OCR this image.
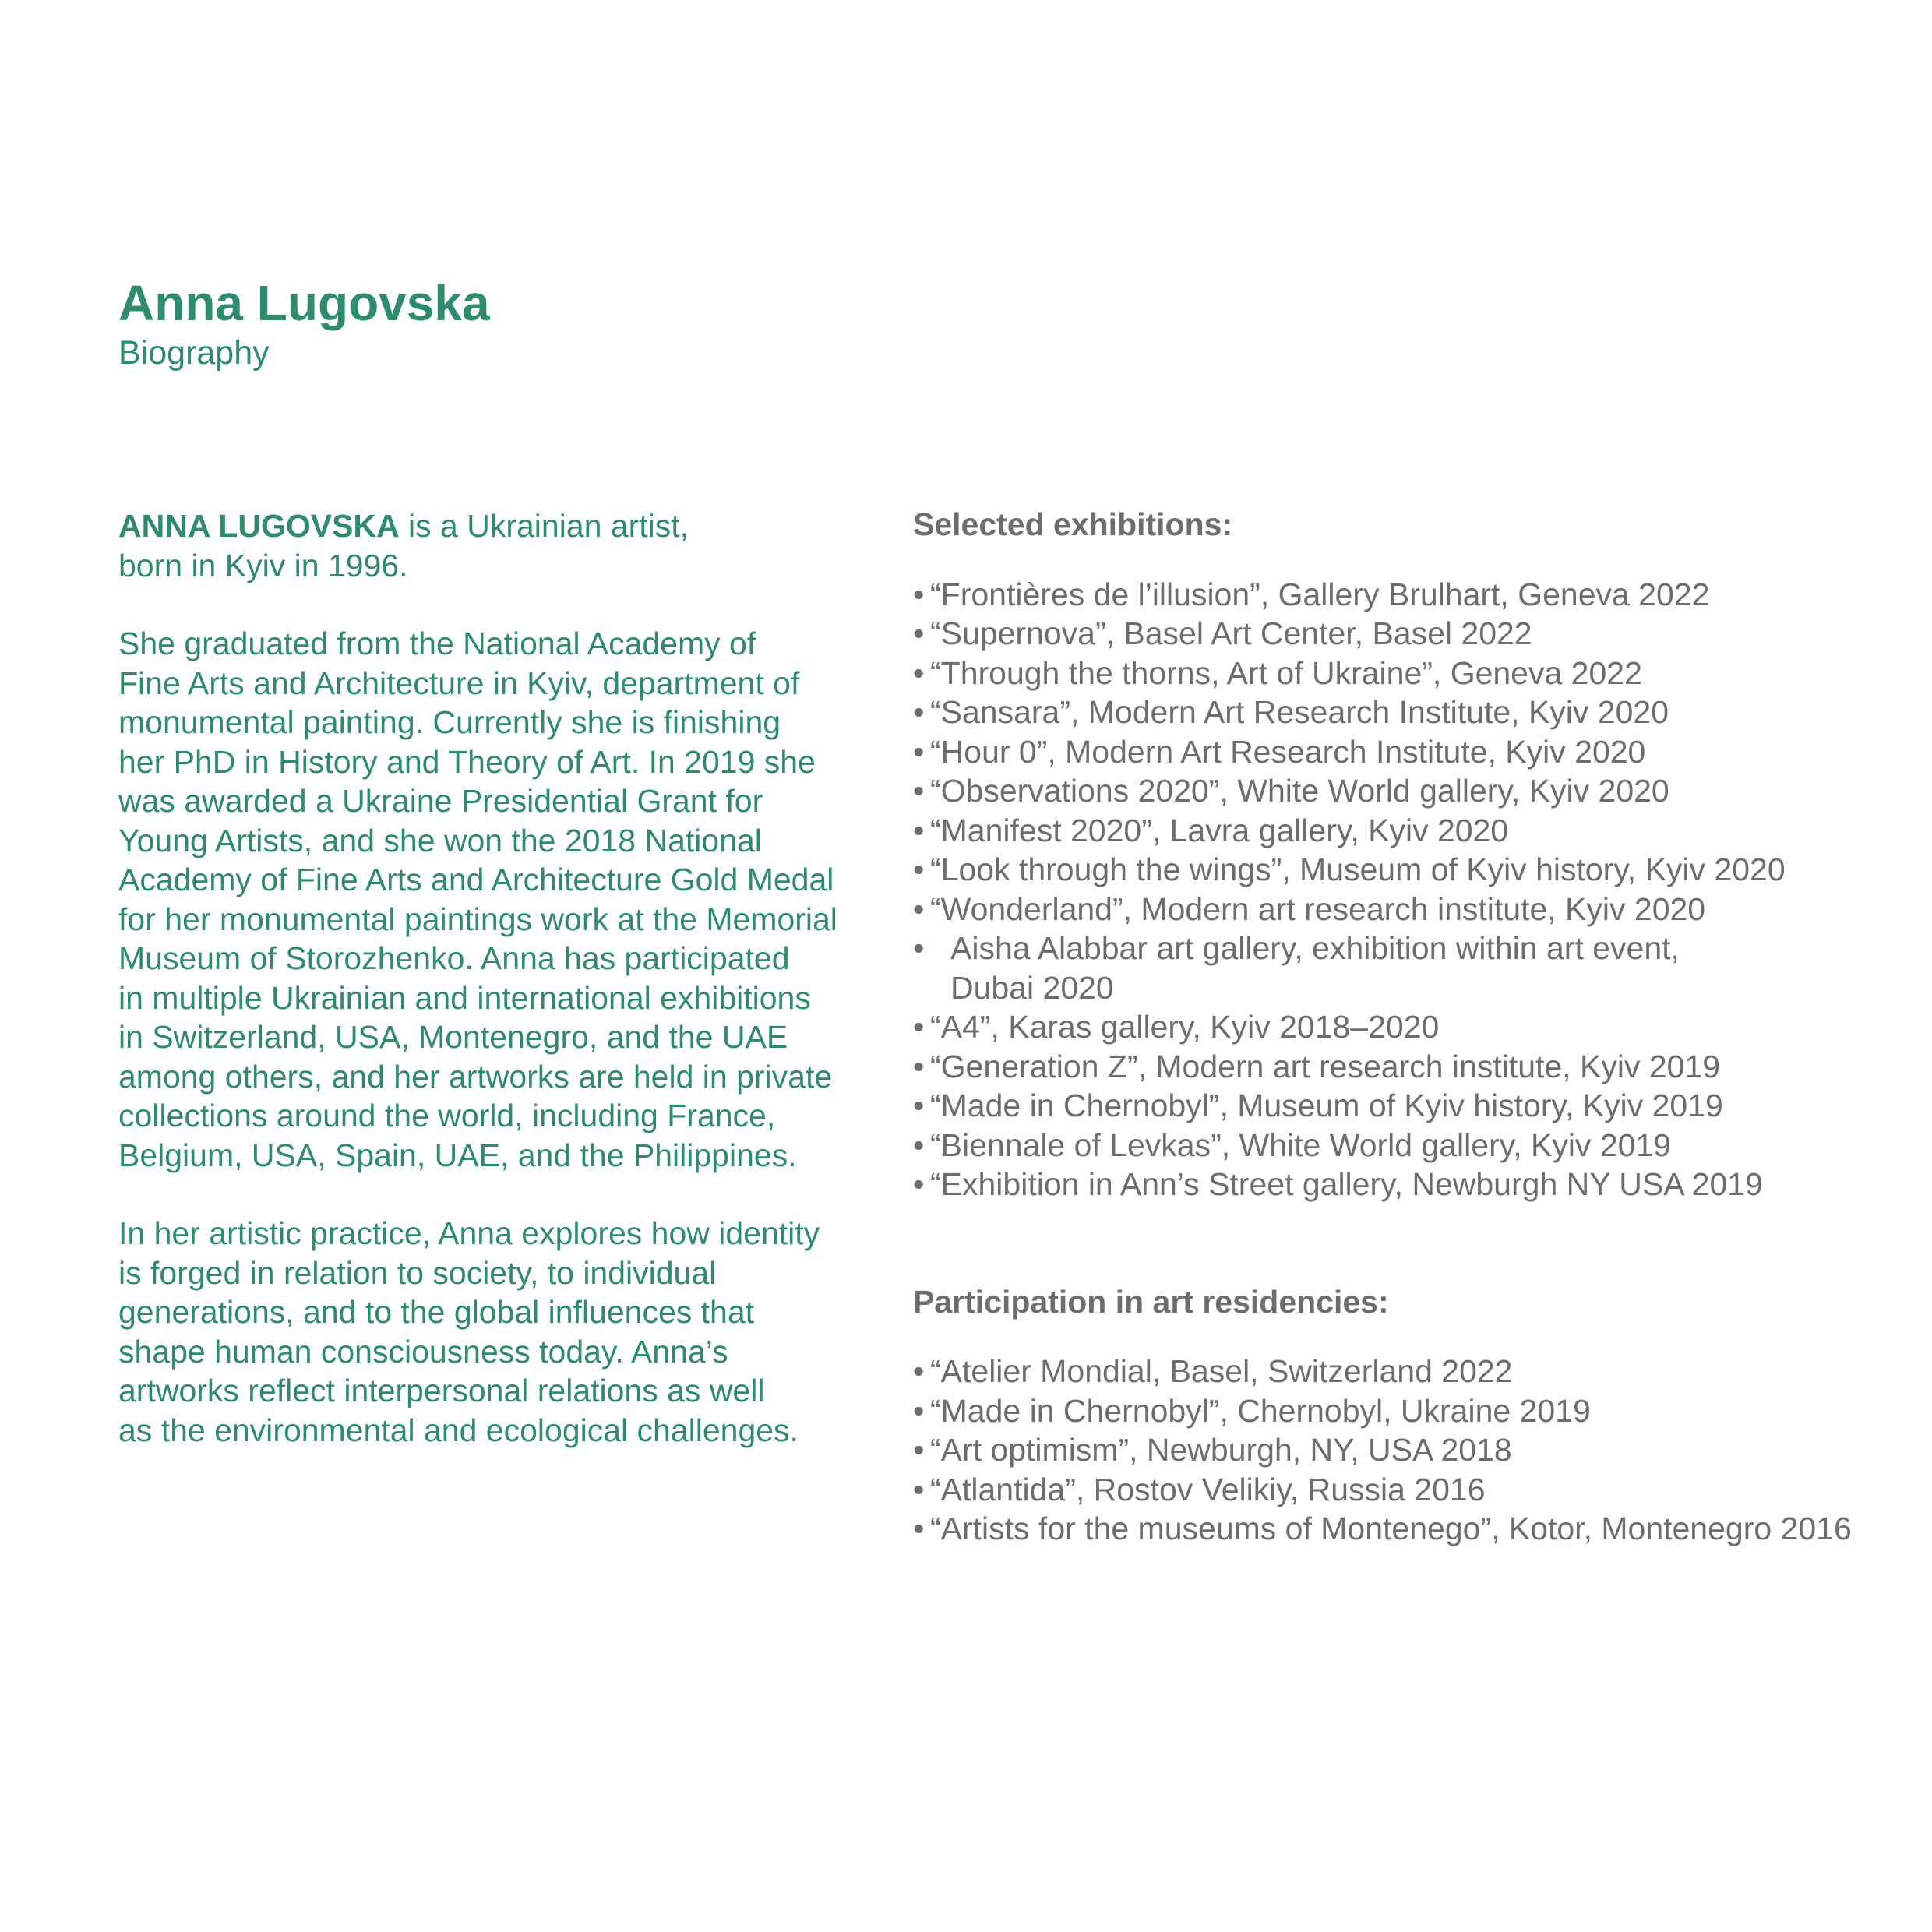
Anna Lugovska
Biography

ANNA LUGOVSKA is a Ukrainian artist,
born in Kyiv in 1996.

She graduated from the National Academy of
Fine Arts and Architecture in Kyiv, department of
monumental painting. Currently she is finishing
her PhD in History and Theory of Art. In 2019 she
was awarded a Ukraine Presidential Grant for
Young Artists, and she won the 2018 National
Academy of Fine Arts and Architecture Gold Medal
for her monumental paintings work at the Memorial
Museum of Storozhenko. Anna has participated
in multiple Ukrainian and international exhibitions
in Switzerland, USA, Montenegro, and the UAE
among others, and her artworks are held in private
collections around the world, including France,
Belgium, USA, Spain, UAE, and the Philippines.

In her artistic practice, Anna explores how identity
is forged in relation to society, to individual
generations, and to the global influences that
shape human consciousness today. Anna’s
artworks reflect interpersonal relations as well
as the environmental and ecological challenges.

Selected exhibitions:
• “Frontières de l’illusion”, Gallery Brulhart, Geneva 2022
• “Supernova”, Basel Art Center, Basel 2022
• “Through the thorns, Art of Ukraine”, Geneva 2022
• “Sansara”, Modern Art Research Institute, Kyiv 2020
• “Hour 0”, Modern Art Research Institute, Kyiv 2020
• “Observations 2020”, White World gallery, Kyiv 2020
• “Manifest 2020”, Lavra gallery, Kyiv 2020
• “Look through the wings”, Museum of Kyiv history, Kyiv 2020
• “Wonderland”, Modern art research institute, Kyiv 2020
• Aisha Alabbar art gallery, exhibition within art event,
Dubai 2020
• “A4”, Karas gallery, Kyiv 2018–2020
• “Generation Z”, Modern art research institute, Kyiv 2019
• “Made in Chernobyl”, Museum of Kyiv history, Kyiv 2019
• “Biennale of Levkas”, White World gallery, Kyiv 2019
• “Exhibition in Ann’s Street gallery, Newburgh NY USA 2019
Participation in art residencies:
• “Atelier Mondial, Basel, Switzerland 2022
• “Made in Chernobyl”, Chernobyl, Ukraine 2019
• “Art optimism”, Newburgh, NY, USA 2018
• “Atlantida”, Rostov Velikiy, Russia 2016
• “Artists for the museums of Montenego”, Kotor, Montenegro 2016
